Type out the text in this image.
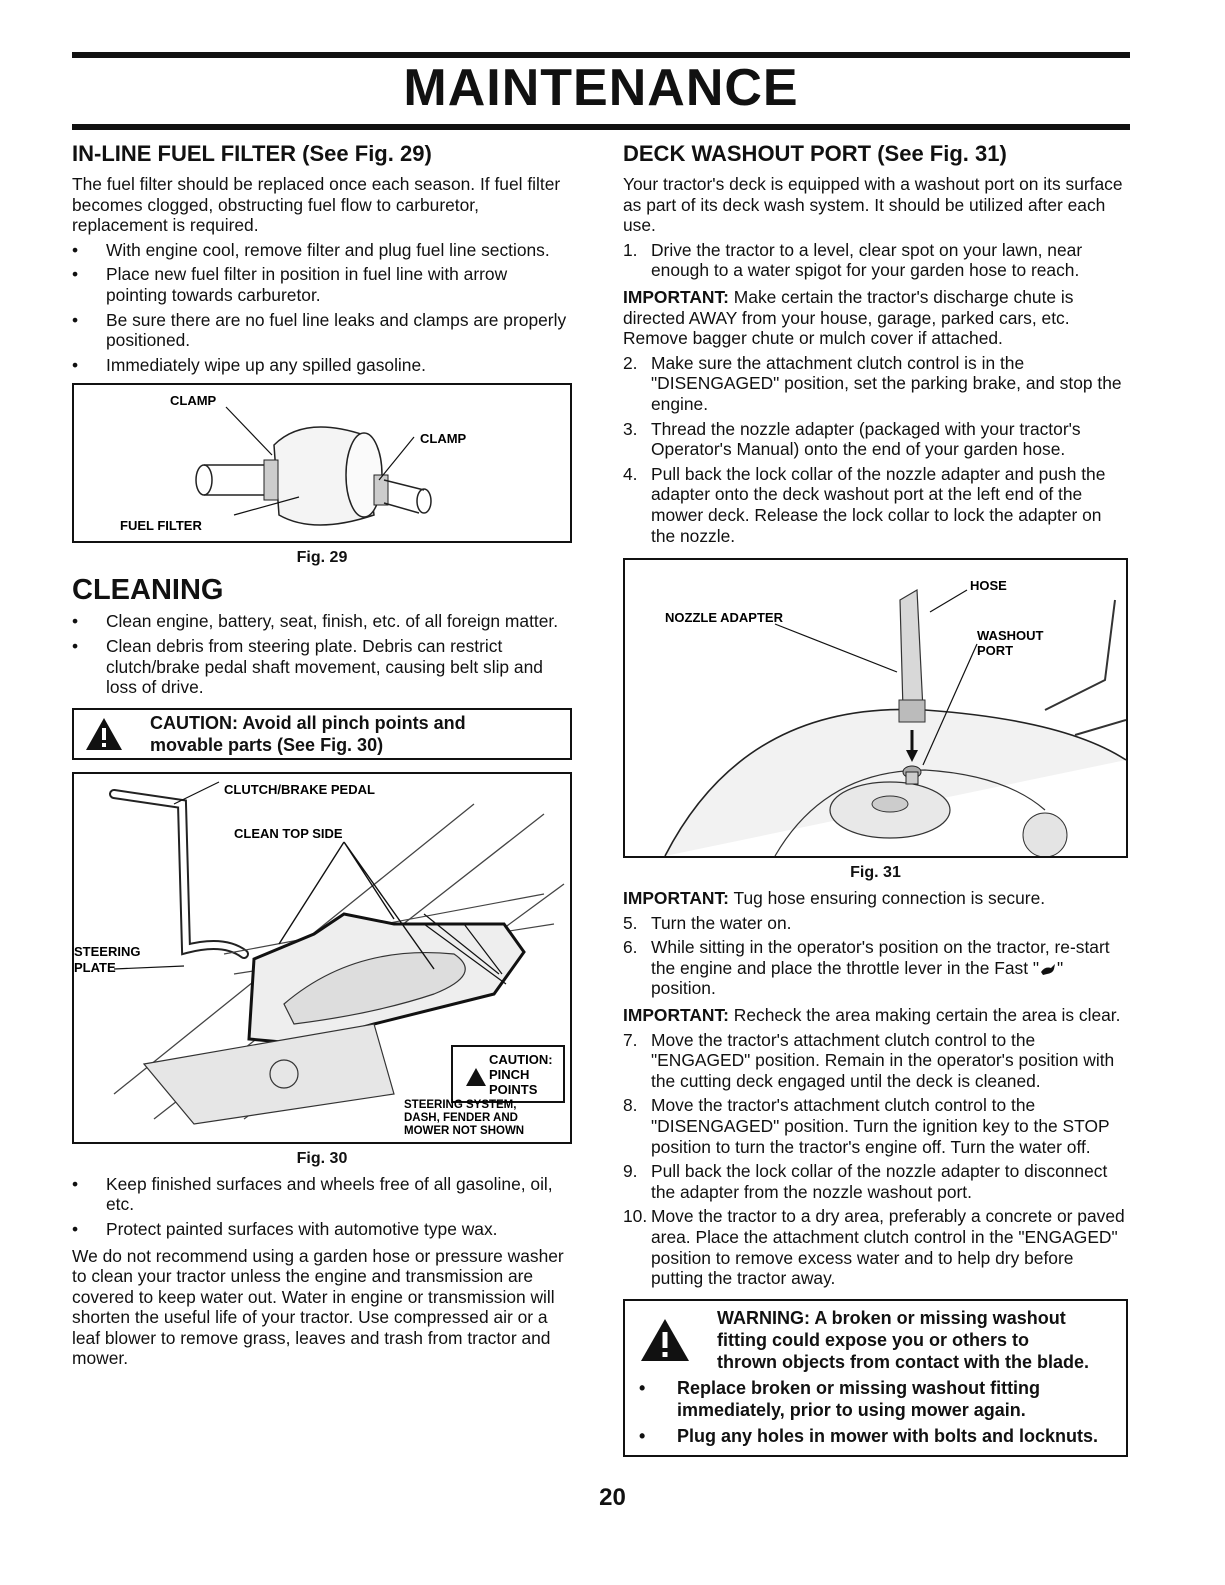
MAINTENANCE
IN-LINE FUEL FILTER (See Fig. 29)

The fuel filter should be replaced once each season. If fuel filter becomes clogged, obstructing fuel flow to carburetor, replacement is required.

• With engine cool, remove filter and plug fuel line sections.
• Place new fuel filter in position in fuel line with arrow pointing towards carburetor.
• Be sure there are no fuel line leaks and clamps are properly positioned.
• Immediately wipe up any spilled gasoline.
CLAMP
CLAMP
FUEL FILTER
Fig. 29
CLEANING
• Clean engine, battery, seat, finish, etc. of all foreign matter.
• Clean debris from steering plate. Debris can restrict clutch/brake pedal shaft movement, causing belt slip and loss of drive.
CAUTION: Avoid all pinch points and
movable parts (See Fig. 30)
CLUTCH/BRAKE PEDAL
CLEAN TOP SIDE
STEERING
PLATE
CAUTION:
PINCH
POINTS
STEERING SYSTEM,
DASH, FENDER AND
MOWER NOT SHOWN
Fig. 30
• Keep finished surfaces and wheels free of all gasoline, oil, etc.
• Protect painted surfaces with automotive type wax.

We do not recommend using a garden hose or pressure washer to clean your tractor unless the engine and transmission are covered to keep water out. Water in engine or transmission will shorten the useful life of your tractor. Use compressed air or a leaf blower to remove grass, leaves and trash from tractor and mower.

DECK WASHOUT PORT (See Fig. 31)

Your tractor's deck is equipped with a washout port on its surface as part of its deck wash system. It should be utilized after each use.

1. Drive the tractor to a level, clear spot on your lawn, near enough to a water spigot for your garden hose to reach.

IMPORTANT: Make certain the tractor's discharge chute is directed AWAY from your house, garage, parked cars, etc. Remove bagger chute or mulch cover if attached.

2. Make sure the attachment clutch control is in the "DISENGAGED" position, set the parking brake, and stop the engine.
3. Thread the nozzle adapter (packaged with your tractor's Operator's Manual) onto the end of your garden hose.
4. Pull back the lock collar of the nozzle adapter and push the adapter onto the deck washout port at the left end of the mower deck. Release the lock collar to lock the adapter on the nozzle.
HOSE
NOZZLE ADAPTER
WASHOUT
PORT
Fig. 31

IMPORTANT: Tug hose ensuring connection is secure.

5. Turn the water on.
6. While sitting in the operator's position on the tractor, re-start the engine and place the throttle lever in the Fast " " position.

IMPORTANT: Recheck the area making certain the area is clear.

7. Move the tractor's attachment clutch control to the "ENGAGED" position. Remain in the operator's position with the cutting deck engaged until the deck is cleaned.
8. Move the tractor's attachment clutch control to the "DISENGAGED" position. Turn the ignition key to the STOP position to turn the tractor's engine off. Turn the water off.
9. Pull back the lock collar of the nozzle adapter to disconnect the adapter from the nozzle washout port.
10. Move the tractor to a dry area, preferably a concrete or paved area. Place the attachment clutch control in the "ENGAGED" position to remove excess water and to help dry before putting the tractor away.
WARNING: A broken or missing washout
fitting could expose you or others to
thrown objects from contact with the blade.
• Replace broken or missing washout fitting immediately, prior to using mower again.
• Plug any holes in mower with bolts and locknuts.
20
